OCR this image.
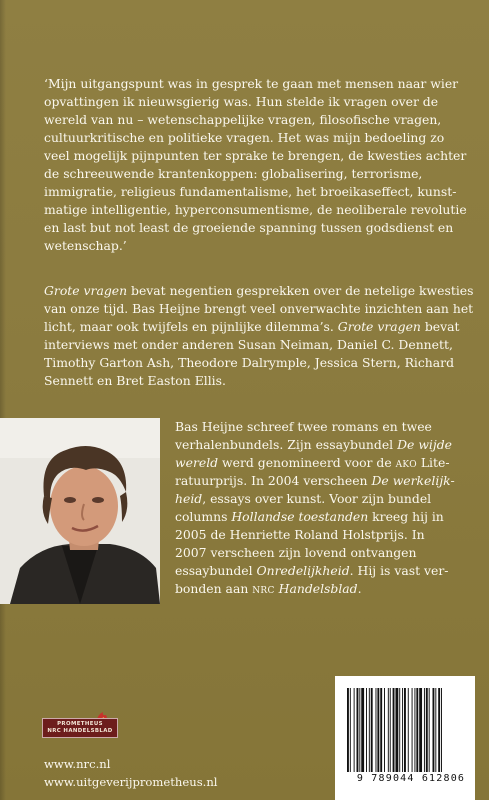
‘Mijn uitgangspunt was in gesprek te gaan met mensen naar wier
opvattingen ik nieuwsgierig was. Hun stelde ik vragen over de
wereld van nu – wetenschappelijke vragen, filosofische vragen,
cultuurkritische en politieke vragen. Het was mijn bedoeling zo
veel mogelijk pijnpunten ter sprake te brengen, de kwesties achter
de schreeuwende krantenkoppen: globalisering, terrorisme,
immigratie, religieus fundamentalisme, het broeikaseffect, kunst-
matige intelligentie, hyperconsumentisme, de neoliberale revolutie
en last but not least de groeiende spanning tussen godsdienst en
wetenschap.’
Grote vragen bevat negentien gesprekken over de netelige kwesties
van onze tijd. Bas Heijne brengt veel onverwachte inzichten aan het
licht, maar ook twijfels en pijnlijke dilemma’s. Grote vragen bevat
interviews met onder anderen Susan Neiman, Daniel C. Dennett,
Timothy Garton Ash, Theodore Dalrymple, Jessica Stern, Richard
Sennett en Bret Easton Ellis.
Bas Heijne schreef twee romans en twee
verhalenbundels. Zijn essaybundel De wijde
wereld werd genomineerd voor de ako Lite-
ratuurprijs. In 2004 verscheen De werkelijk-
heid, essays over kunst. Voor zijn bundel
columns Hollandse toestanden kreeg hij in
2005 de Henriette Roland Holstprijs. In
2007 verscheen zijn lovend ontvangen
essaybundel Onredelijkheid. Hij is vast ver-
bonden aan nrc Handelsblad.
PROMETHEUS
NRC HANDELSBLAD

www.nrc.nl

www.uitgeverijprometheus.nl	9 789044 612806
